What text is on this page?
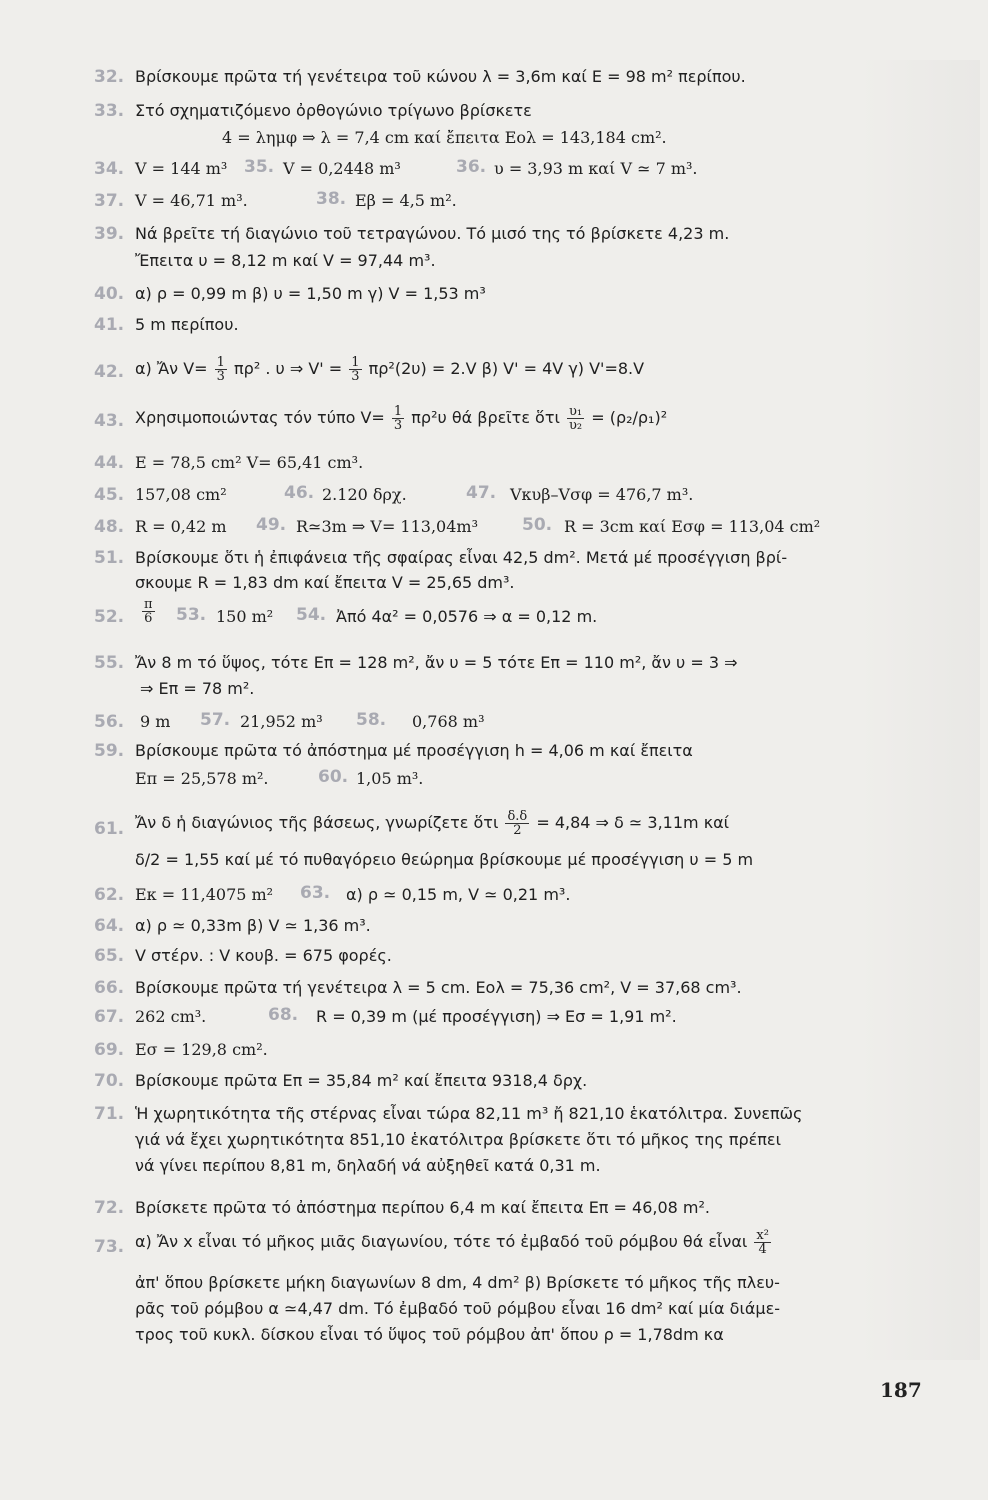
32. Βρίσκουμε πρῶτα τή γενέτειρα τοῦ κώνου λ = 3,6m καί Ε = 98 m² περίπου.
33. Στό σχηματιζόμενο ὀρθογώνιο τρίγωνο βρίσκετε
4 = λημφ ⇒ λ = 7,4 cm καί ἔπειτα Εολ = 143,184 cm².
34. V = 144 m³ 35. V = 0,2448 m³	36. υ = 3,93 m καί V ≃ 7 m³.
37. V = 46,71 m³.	38. Εβ = 4,5 m².
39. Νά βρεῖτε τή διαγώνιο τοῦ τετραγώνου. Τό μισό της τό βρίσκετε 4,23 m.
Ἔπειτα υ = 8,12 m καί V = 97,44 m³.
40. α) ρ = 0,99 m β) υ = 1,50 m γ) V = 1,53 m³
41. 5 m περίπου.
42. α) Ἄν $V= \frac{1}{3} \pi\rho^2$ . υ ⇒ $V' = \frac{1}{3} \pi\rho^2(2\upsilon) = 2.V$ β) V' = 4V γ) V'=8.V
43. Χρησιμοποιώντας τόν τύπο $V= \frac{1}{3} \pi\rho^2\upsilon$ θά βρεῖτε ὅτι $\frac{\text{υ₁}}{\text{υ₂}} = (\rho_2/\rho_1)^2$
44. Ε = 78,5 cm² V= 65,41 cm³.
45. 157,08 cm²	46. 2.120 δρχ.	47. Vκυβ–Vσφ = 476,7 m³.
48. R = 0,42 m 49. R≃3m ⇒ V= 113,04m³	50. R = 3cm καί Εσφ = 113,04 cm²
51. Βρίσκουμε ὅτι ἡ ἐπιφάνεια τῆς σφαίρας εἶναι 42,5 dm². Μετά μέ προσέγγιση βρί-
σκουμε R = 1,83 dm καί ἔπειτα V = 25,65 dm³.
52.	$\frac{\pi}{6} 53$. 150 m² 54. Ἀπό 4α² = 0,0576 ⇒ α = 0,12 m.
55. Ἄν 8 m τό ὕψος, τότε Επ = 128 m², ἄν υ = 5 τότε Επ = 110 m², ἄν υ = 3 ⇒
⇒ Επ = 78 m².
56. 9 m 57. 21,952 m³ 58.	0,768 m³
59. Βρίσκουμε πρῶτα τό ἀπόστημα μέ προσέγγιση h = 4,06 m καί ἔπειτα
Επ = 25,578 m².	60. 1,05 m³.
61. Ἄν δ ἡ διαγώνιος τῆς βάσεως, γνωρίζετε ὅτι $\frac{\delta.\delta}{2} = 4,84$ ⇒ δ ≃ 3,11m καί
δ/2 = 1,55 καί μέ τό πυθαγόρειο θεώρημα βρίσκουμε μέ προσέγγιση υ = 5 m
62. Εκ = 11,4075 m² 63. α) ρ ≃ 0,15 m, V ≃ 0,21 m³.
64. α) ρ ≃ 0,33m β) V ≃ 1,36 m³.
65. V στέρν. : V κουβ. = 675 φορές.
66. Βρίσκουμε πρῶτα τή γενέτειρα λ = 5 cm. Εολ = 75,36 cm², V = 37,68 cm³.
67. 262 cm³.	68.	R = 0,39 m (μέ προσέγγιση) ⇒ Εσ = 1,91 m².
69. Εσ = 129,8 cm².
70. Βρίσκουμε πρῶτα Επ = 35,84 m² καί ἔπειτα 9318,4 δρχ.
71. Ἡ χωρητικότητα τῆς στέρνας εἶναι τώρα 82,11 m³ ἤ 821,10 ἑκατόλιτρα. Συνεπῶς
γιά νά ἔχει χωρητικότητα 851,10 ἑκατόλιτρα βρίσκετε ὅτι τό μῆκος της πρέπει
νά γίνει περίπου 8,81 m, δηλαδή νά αὐξηθεῖ κατά 0,31 m.
72. Βρίσκετε πρῶτα τό ἀπόστημα περίπου 6,4 m καί ἔπειτα Επ = 46,08 m².
73. α) Ἄν x εἶναι τό μῆκος μιᾶς διαγωνίου, τότε τό ἐμβαδό τοῦ ρόμβου θά εἶναι $\frac{\text{x²}}{4}$
ἀπ' ὅπου βρίσκετε μήκη διαγωνίων 8 dm, 4 dm² β) Βρίσκετε τό μῆκος τῆς πλευ-
ρᾶς τοῦ ρόμβου α ≃4,47 dm. Τό ἐμβαδό τοῦ ρόμβου εἶναι 16 dm² καί μία διάμε-
τρος τοῦ κυκλ. δίσκου εἶναι τό ὕψος τοῦ ρόμβου ἀπ' ὅπου ρ = 1,78dm κα
187
